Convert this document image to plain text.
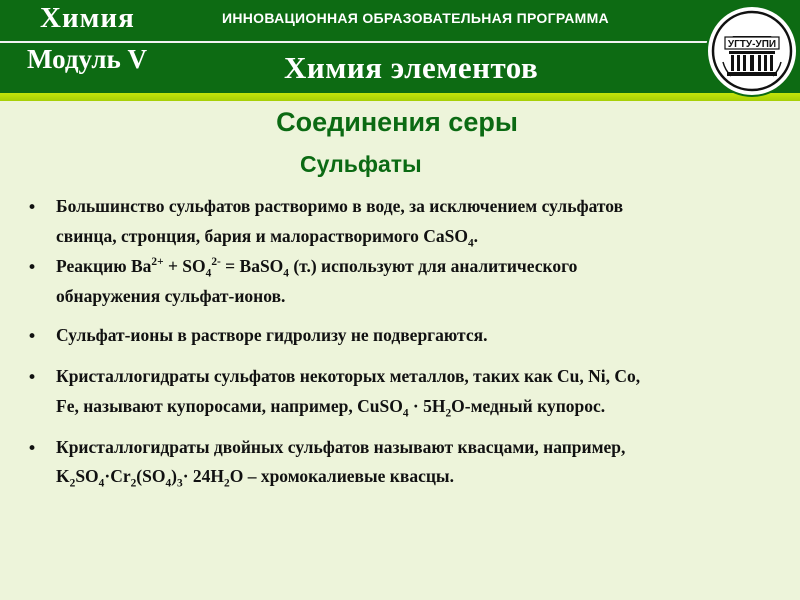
Химия
Модуль V
ИННОВАЦИОННАЯ ОБРАЗОВАТЕЛЬНАЯ ПРОГРАММА
Химия элементов
УГТУ-УПИ
Соединения серы
Сульфаты
• Большинство сульфатов растворимо в воде, за исключением сульфатов
свинца, стронция, бария и малорастворимого CaSO$_4$.
• Реакцию $Ba^{2+} + SO_4^{2-}$ = BaSO$_4$ (т.) используют для аналитического
обнаружения сульфат-ионов.
• Сульфат-ионы в растворе гидролизу не подвергаются.
• Кристаллогидраты сульфатов некоторых металлов, таких как Cu, Ni, Co,
Fe, называют купоросами, например, CuSO$_4$ · $5H_2O$-медный купорос.
• Кристаллогидраты двойных сульфатов называют квасцами, например,
$K_2SO_4\cdot Cr_2(SO_4)_3\cdot 24H_2O$ – хромокалиевые квасцы.
